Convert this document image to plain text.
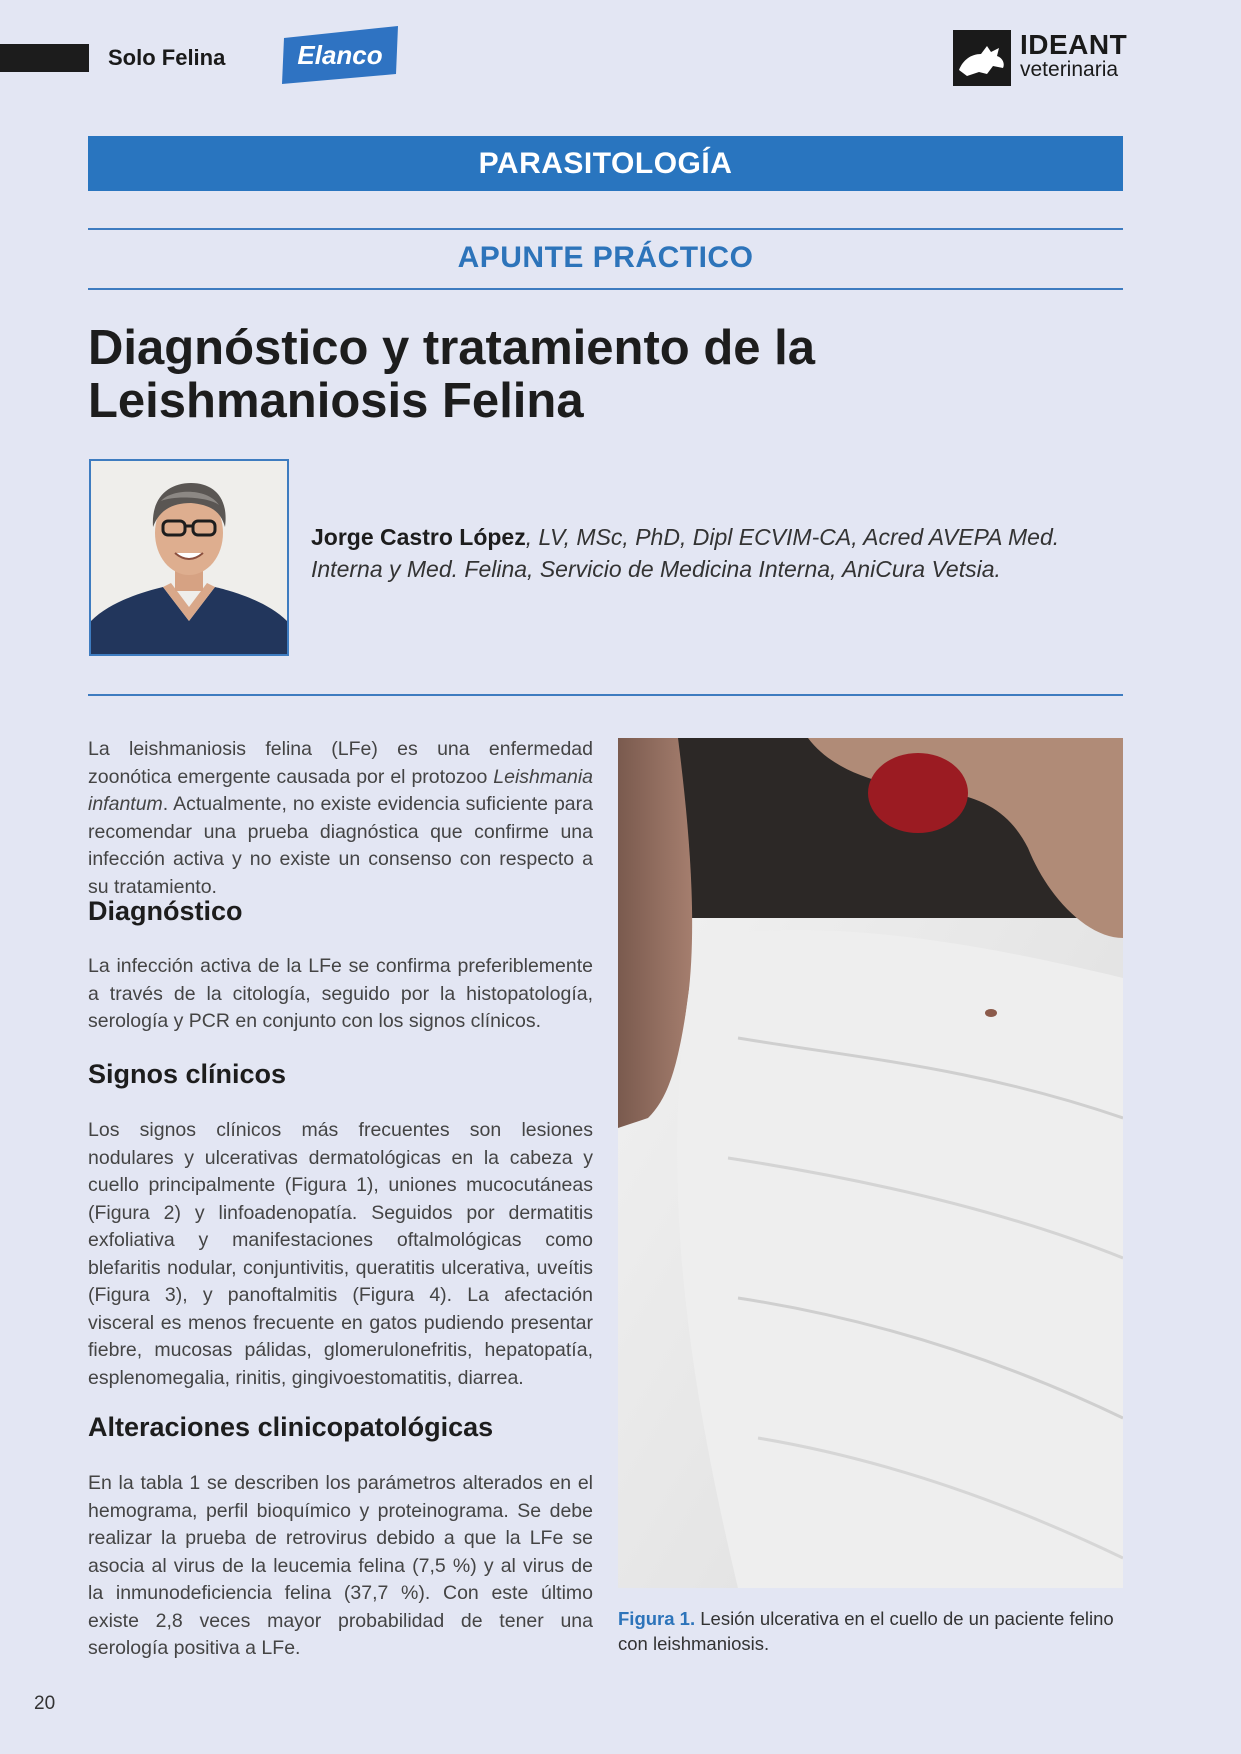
Solo Felina	Elanco	IDEANT
veterinaria
PARASITOLOGÍA
APUNTE PRÁCTICO
Diagnóstico y tratamiento de la
Leishmaniosis Felina
Jorge Castro López, LV, MSc, PhD, Dipl ECVIM-CA, Acred AVEPA Med. Interna y Med. Felina, Servicio de Medicina Interna, AniCura Vetsia.
La leishmaniosis felina (LFe) es una enfermedad zoonótica emergente causada por el protozoo Leishmania infantum. Actualmente, no existe evidencia suficiente para recomendar una prueba diagnóstica que confirme una infección activa y no existe un consenso con respecto a su tratamiento.
Diagnóstico
La infección activa de la LFe se confirma preferiblemente a través de la citología, seguido por la histopatología, serología y PCR en conjunto con los signos clínicos.
Signos clínicos
Los signos clínicos más frecuentes son lesiones nodulares y ulcerativas dermatológicas en la cabeza y cuello principalmente (Figura 1), uniones mucocutáneas (Figura 2) y linfoadenopatía. Seguidos por dermatitis exfoliativa y manifestaciones oftalmológicas como blefaritis nodular, conjuntivitis, queratitis ulcerativa, uveítis (Figura 3), y panoftalmitis (Figura 4). La afectación visceral es menos frecuente en gatos pudiendo presentar fiebre, mucosas pálidas, glomerulonefritis, hepatopatía, esplenomegalia, rinitis, gingivoestomatitis, diarrea.
Alteraciones clinicopatológicas
En la tabla 1 se describen los parámetros alterados en el hemograma, perfil bioquímico y proteinograma. Se debe realizar la prueba de retrovirus debido a que la LFe se asocia al virus de la leucemia felina (7,5 %) y al virus de la inmunodeficiencia felina (37,7 %). Con este último existe 2,8 veces mayor probabilidad de tener una serología positiva a LFe.
Figura 1. Lesión ulcerativa en el cuello de un paciente felino con leishmaniosis.
20
